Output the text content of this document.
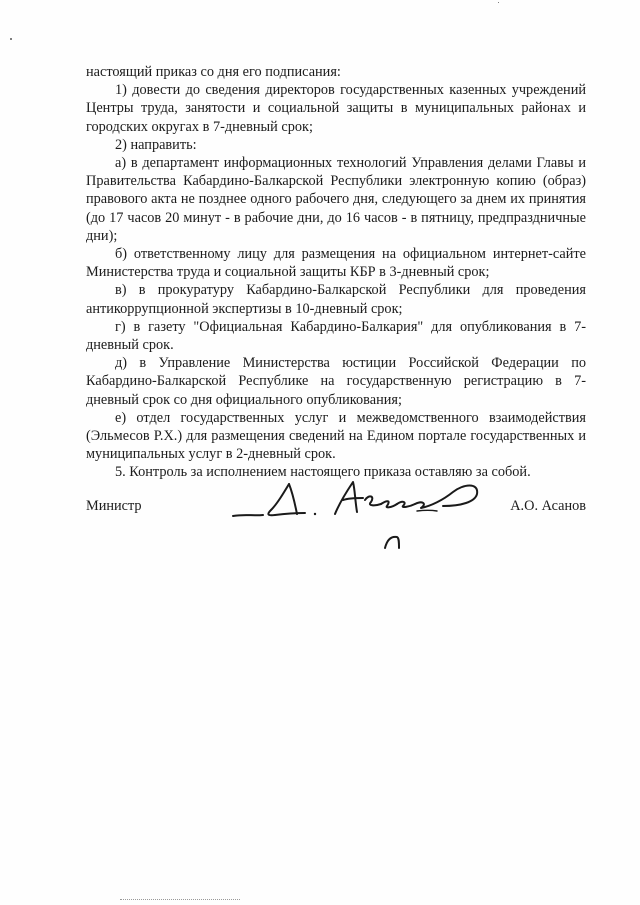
настоящий приказ со дня его подписания:

1) довести до сведения директоров государственных казенных учреждений Центры труда, занятости и социальной защиты в муниципальных районах и городских округах в 7-дневный срок;

2) направить:

а) в департамент информационных технологий Управления делами Главы и Правительства Кабардино-Балкарской Республики электронную копию (образ) правового акта не позднее одного рабочего дня, следующего за днем их принятия (до 17 часов 20 минут - в рабочие дни, до 16 часов - в пятницу, предпраздничные дни);

б) ответственному лицу для размещения на официальном интернет-сайте Министерства труда и социальной защиты КБР в 3-дневный срок;

в) в прокуратуру Кабардино-Балкарской Республики для проведения антикоррупционной экспертизы в 10-дневный срок;

г) в газету "Официальная Кабардино-Балкария" для опубликования в 7-дневный срок.

д) в Управление Министерства юстиции Российской Федерации по Кабардино-Балкарской Республике на государственную регистрацию в 7-дневный срок со дня официального опубликования;

е) отдел государственных услуг и межведомственного взаимодействия (Эльмесов Р.Х.) для размещения сведений на Едином портале государственных и муниципальных услуг в 2-дневный срок.

5. Контроль за исполнением настоящего приказа оставляю за собой.

Министр	А.О. Асанов
